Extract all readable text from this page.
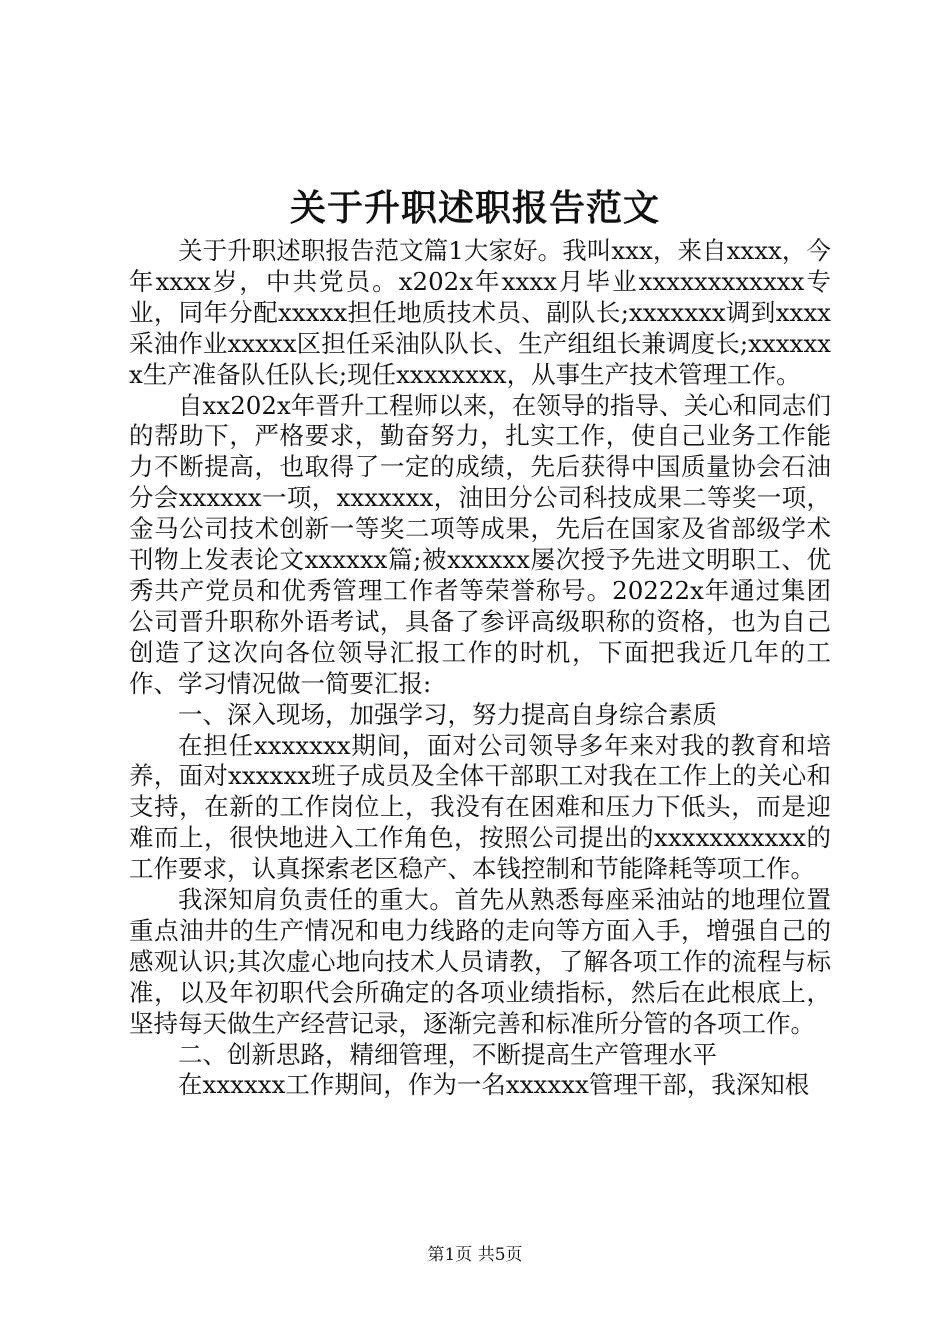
关于升职述职报告范文

关于升职述职报告范文篇1大家好。我叫xxx，来自xxxx，今年xxxx岁，中共党员。x202x年xxxx月毕业xxxxxxxxxxxx专业，同年分配xxxxx担任地质技术员、副队长;xxxxxxx调到xxxx采油作业xxxxx区担任采油队队长、生产组组长兼调度长;xxxxxxx生产准备队任队长;现任xxxxxxxx，从事生产技术管理工作。

自xx202x年晋升工程师以来，在领导的指导、关心和同志们的帮助下，严格要求，勤奋努力，扎实工作，使自己业务工作能力不断提高，也取得了一定的成绩，先后获得中国质量协会石油分会xxxxxx一项，xxxxxxx，油田分公司科技成果二等奖一项，金马公司技术创新一等奖二项等成果，先后在国家及省部级学术刊物上发表论文xxxxxx篇;被xxxxxx屡次授予先进文明职工、优秀共产党员和优秀管理工作者等荣誉称号。20222x年通过集团公司晋升职称外语考试，具备了参评高级职称的资格，也为自己创造了这次向各位领导汇报工作的时机，下面把我近几年的工作、学习情况做一简要汇报:

一、深入现场，加强学习，努力提高自身综合素质

在担任xxxxxxx期间，面对公司领导多年来对我的教育和培养，面对xxxxxx班子成员及全体干部职工对我在工作上的关心和支持，在新的工作岗位上，我没有在困难和压力下低头，而是迎难而上，很快地进入工作角色，按照公司提出的xxxxxxxxxxx的工作要求，认真探索老区稳产、本钱控制和节能降耗等项工作。

我深知肩负责任的重大。首先从熟悉每座采油站的地理位置重点油井的生产情况和电力线路的走向等方面入手，增强自己的感观认识;其次虚心地向技术人员请教，了解各项工作的流程与标准，以及年初职代会所确定的各项业绩指标，然后在此根底上，坚持每天做生产经营记录，逐渐完善和标准所分管的各项工作。

二、创新思路，精细管理，不断提高生产管理水平

在xxxxxx工作期间，作为一名xxxxxx管理干部，我深知根

第1页 共5页
